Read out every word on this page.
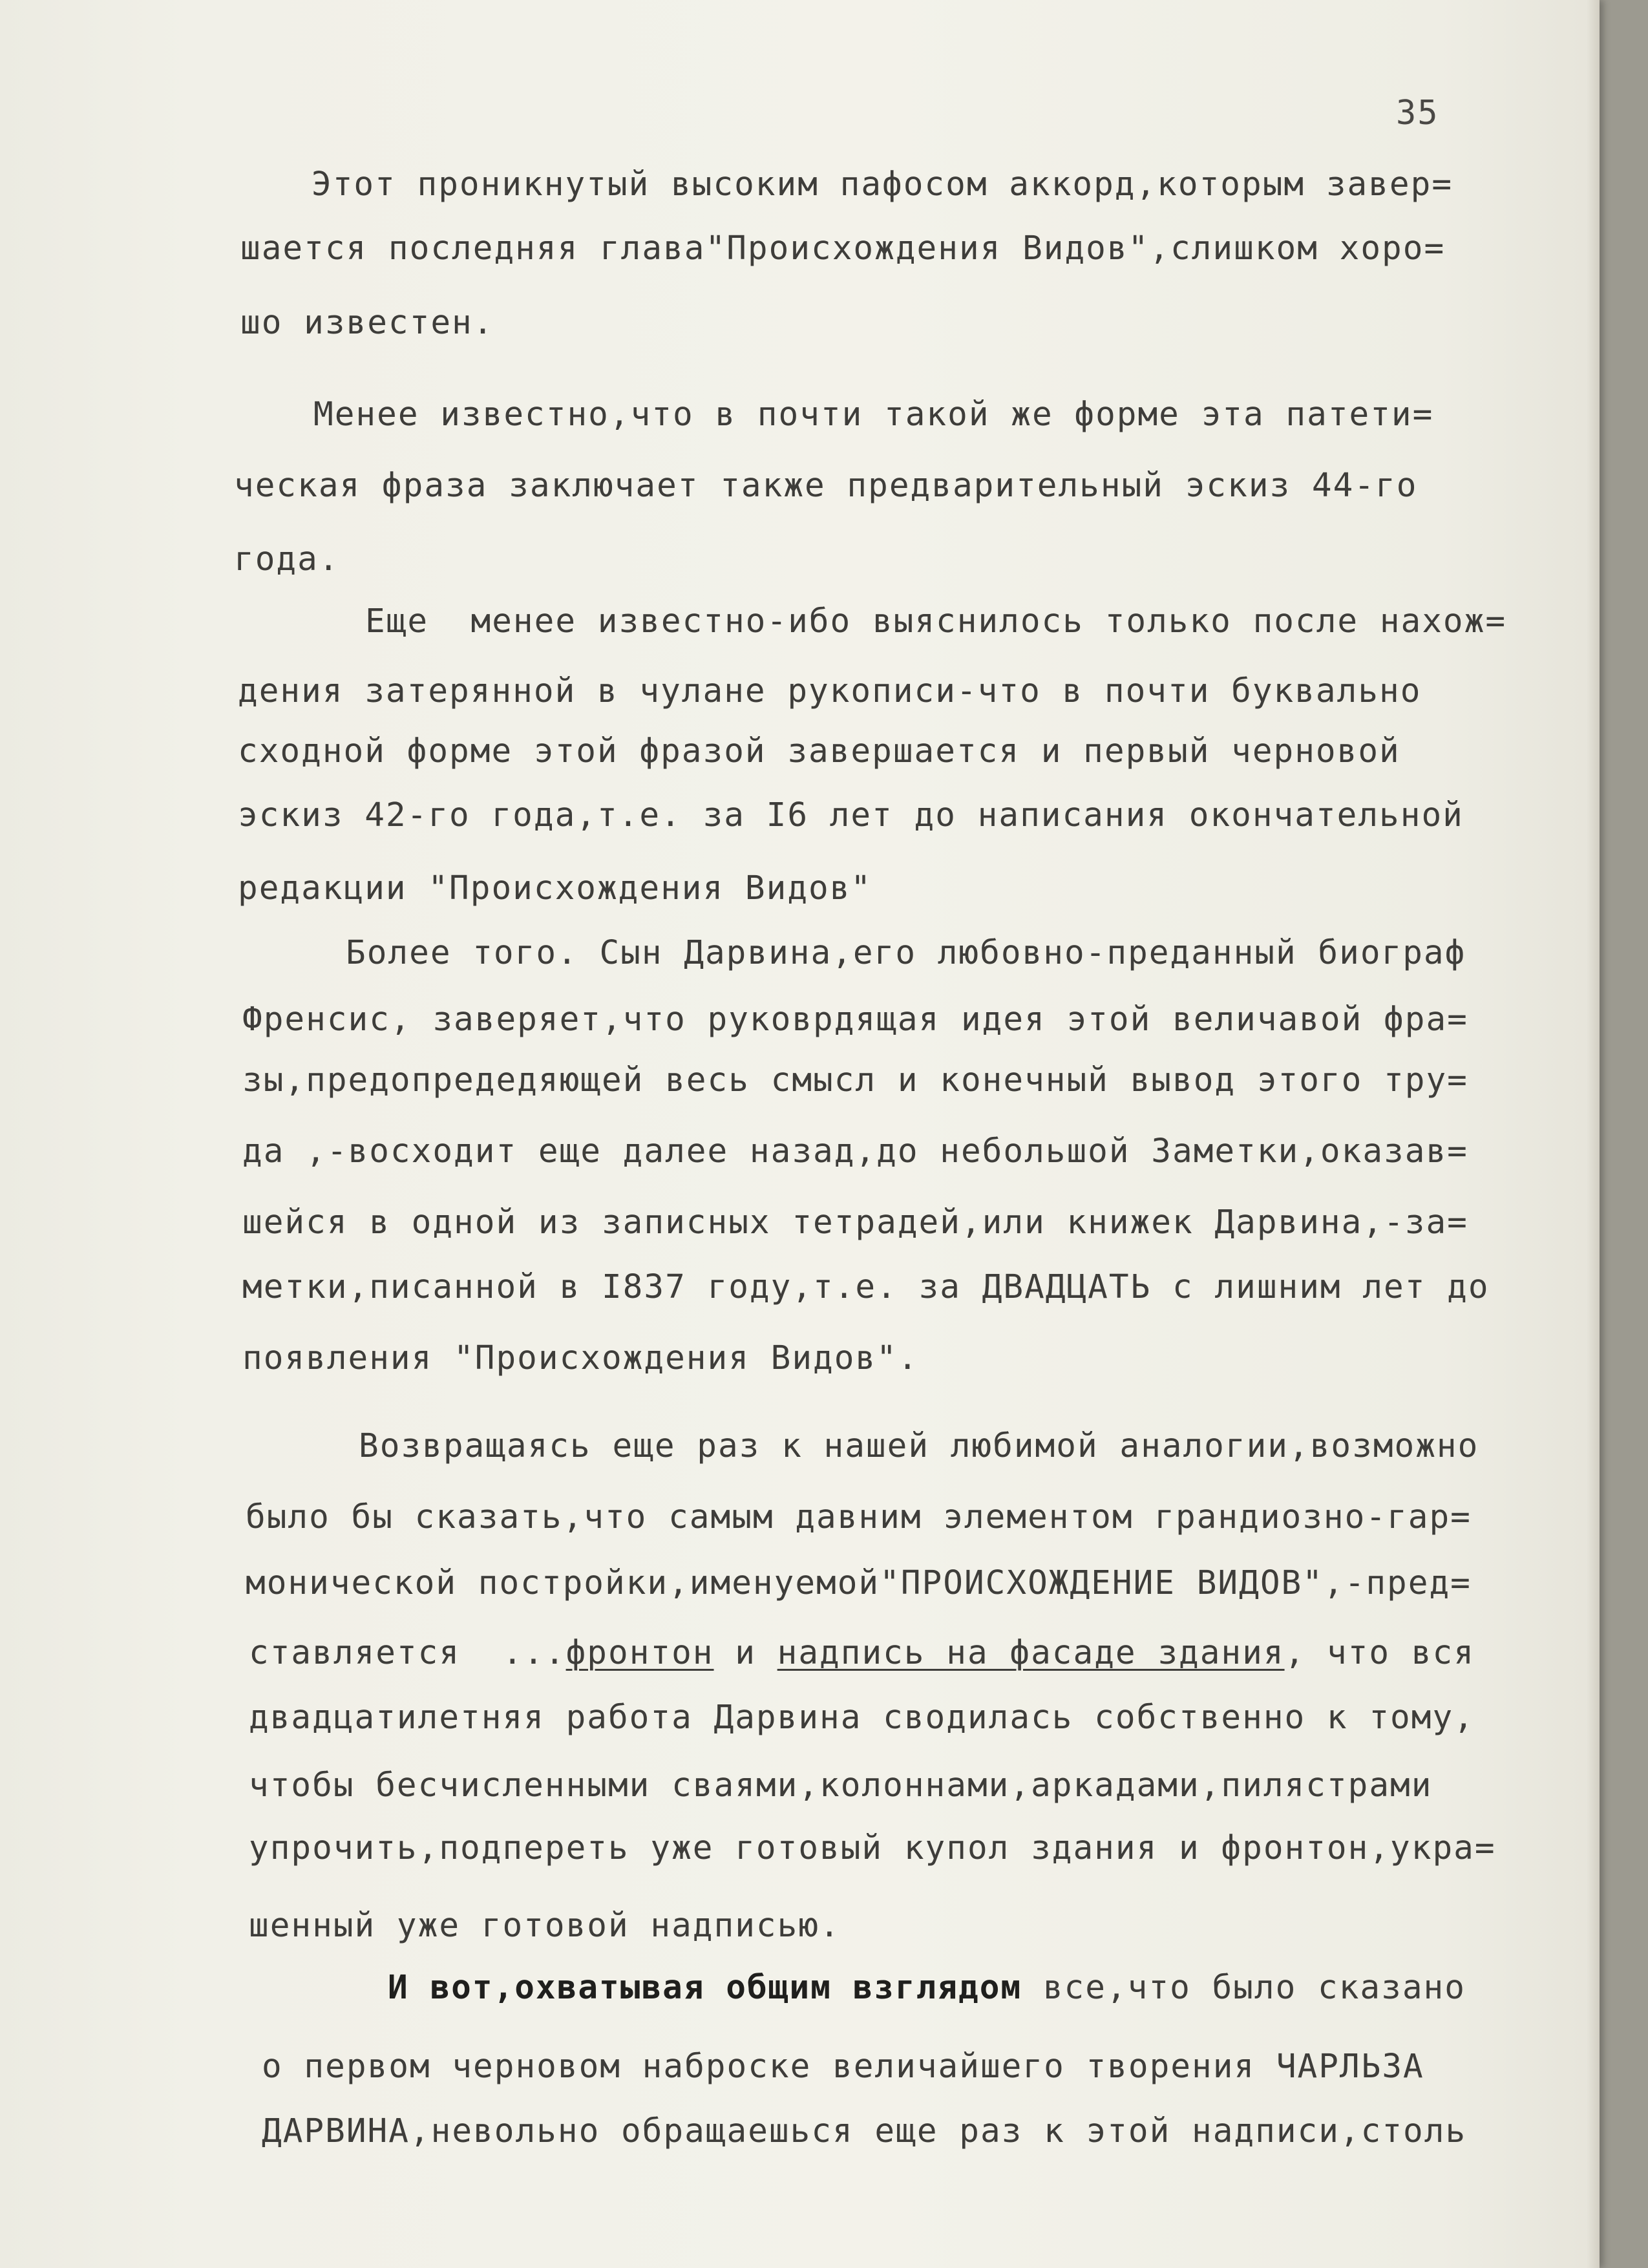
35
Этот проникнутый высоким пафосом аккорд,которым завер=
шается последняя глава"Происхождения Видов",слишком хоро=
шо известен.
Менее известно,что в почти такой же форме эта патети=
ческая фраза заключает также предварительный эскиз 44-го
года.
Еще  менее известно-ибо выяснилось только после нахож=
дения затерянной в чулане рукописи-что в почти буквально
сходной форме этой фразой завершается и первый черновой
эскиз 42-го года,т.е. за I6 лет до написания окончательной
редакции "Происхождения Видов"
Более того. Сын Дарвина,его любовно-преданный биограф
Френсис, заверяет,что руковрдящая идея этой величавой фра=
зы,предопредедяющей весь смысл и конечный вывод этого тру=
да ,-восходит еще далее назад,до небольшой Заметки,оказав=
шейся в одной из записных тетрадей,или книжек Дарвина,-за=
метки,писанной в I837 году,т.е. за ДВАДЦАТЬ с лишним лет до
появления "Происхождения Видов".
Возвращаясь еще раз к нашей любимой аналогии,возможно
было бы сказать,что самым давним элементом грандиозно-гар=
монической постройки,именуемой"ПРОИСХОЖДЕНИЕ ВИДОВ",-пред=
ставляется  ...фронтон и надпись на фасаде здания, что вся
двадцатилетняя работа Дарвина сводилась собственно к тому,
чтобы бесчисленными сваями,колоннами,аркадами,пилястрами
упрочить,подпереть уже готовый купол здания и фронтон,укра=
шенный уже готовой надписью.
И вот,охватывая общим взглядом все,что было сказано
о первом черновом наброске величайшего творения ЧАРЛЬЗА
ДАРВИНА,невольно обращаешься еще раз к этой надписи,столь
